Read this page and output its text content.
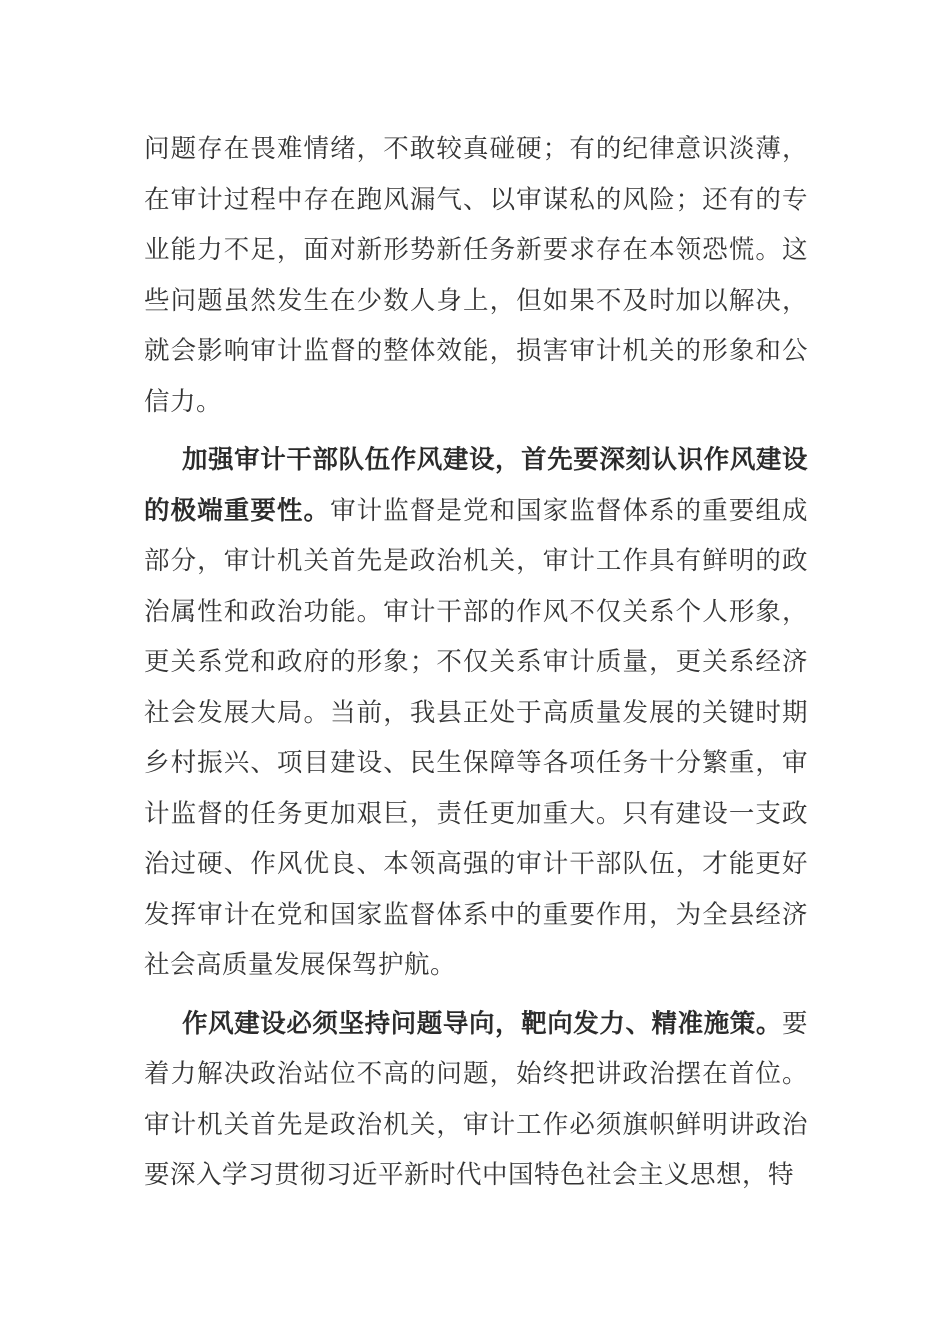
问题存在畏难情绪，不敢较真碰硬；有的纪律意识淡薄，在审计过程中存在跑风漏气、以审谋私的风险；还有的专业能力不足，面对新形势新任务新要求存在本领恐慌。这些问题虽然发生在少数人身上，但如果不及时加以解决，就会影响审计监督的整体效能，损害审计机关的形象和公信力。

加强审计干部队伍作风建设，首先要深刻认识作风建设的极端重要性。审计监督是党和国家监督体系的重要组成部分，审计机关首先是政治机关，审计工作具有鲜明的政治属性和政治功能。审计干部的作风不仅关系个人形象，更关系党和政府的形象；不仅关系审计质量，更关系经济社会发展大局。当前，我县正处于高质量发展的关键时期乡村振兴、项目建设、民生保障等各项任务十分繁重，审计监督的任务更加艰巨，责任更加重大。只有建设一支政治过硬、作风优良、本领高强的审计干部队伍，才能更好发挥审计在党和国家监督体系中的重要作用，为全县经济社会高质量发展保驾护航。

作风建设必须坚持问题导向，靶向发力、精准施策。要着力解决政治站位不高的问题，始终把讲政治摆在首位。审计机关首先是政治机关，审计工作必须旗帜鲜明讲政治要深入学习贯彻习近平新时代中国特色社会主义思想，特
